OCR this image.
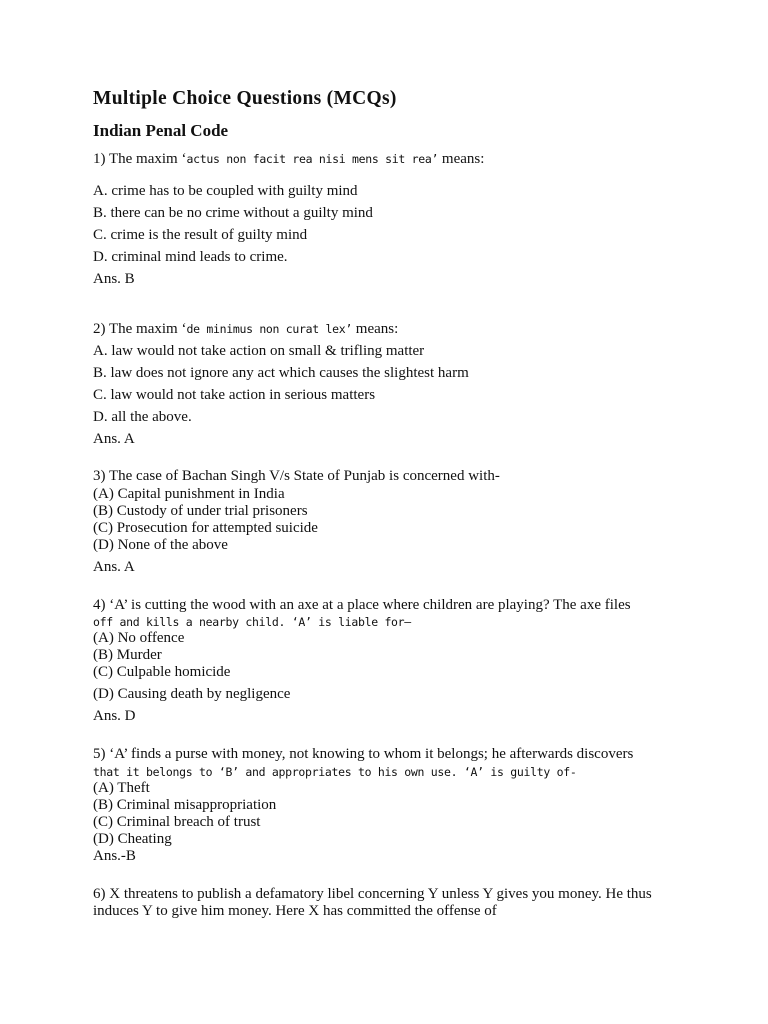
Multiple Choice Questions (MCQs)
Indian Penal Code
1) The maxim ‘actus non facit rea nisi mens sit rea’ means:
A. crime has to be coupled with guilty mind
B. there can be no crime without a guilty mind
C. crime is the result of guilty mind
D. criminal mind leads to crime.
Ans. B
2) The maxim ‘de minimus non curat lex’ means:
A. law would not take action on small & trifling matter
B. law does not ignore any act which causes the slightest harm
C. law would not take action in serious matters
D. all the above.
Ans. A
3) The case of Bachan Singh V/s State of Punjab is concerned with-
(A) Capital punishment in India
(B) Custody of under trial prisoners
(C) Prosecution for attempted suicide
(D) None of the above
Ans. A
4) ‘A’ is cutting the wood with an axe at a place where children are playing? The axe files
off and kills a nearby child. ‘A’ is liable for—
(A) No offence
(B) Murder
(C) Culpable homicide
(D) Causing death by negligence
Ans. D
5) ‘A’ finds a purse with money, not knowing to whom it belongs; he afterwards discovers
that it belongs to ‘B’ and appropriates to his own use. ‘A’ is guilty of-
(A) Theft
(B) Criminal misappropriation
(C) Criminal breach of trust
(D) Cheating
Ans.-B
6) X threatens to publish a defamatory libel concerning Y unless Y gives you money. He thus
induces Y to give him money. Here X has committed the offense of
